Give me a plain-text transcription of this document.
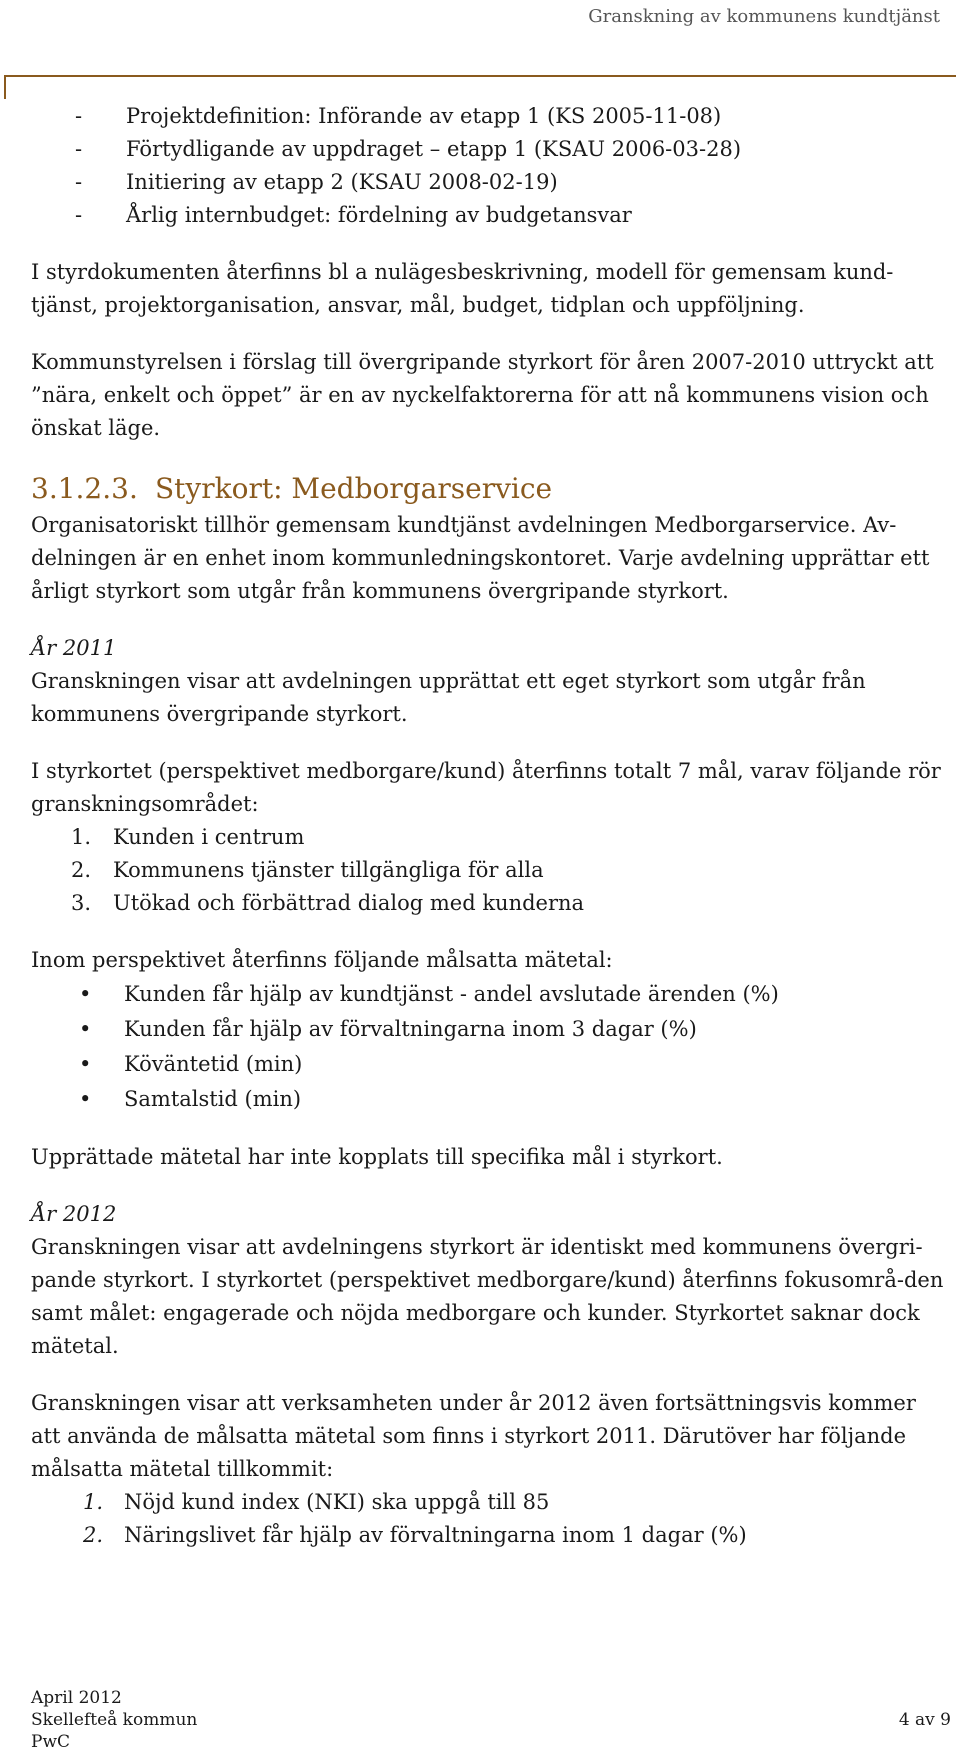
Granskning av kommunens kundtjänst
- Projektdefinition: Införande av etapp 1 (KS 2005-11-08)
- Förtydligande av uppdraget – etapp 1 (KSAU 2006-03-28)
- Initiering av etapp 2 (KSAU 2008-02-19)
- Årlig internbudget: fördelning av budgetansvar

I styrdokumenten återfinns bl a nulägesbeskrivning, modell för gemensam kund-tjänst, projektorganisation, ansvar, mål, budget, tidplan och uppföljning.

Kommunstyrelsen i förslag till övergripande styrkort för åren 2007-2010 uttryckt att ”nära, enkelt och öppet” är en av nyckelfaktorerna för att nå kommunens vision och önskat läge.

3.1.2.3. Styrkort: Medborgarservice

Organisatoriskt tillhör gemensam kundtjänst avdelningen Medborgarservice. Av-delningen är en enhet inom kommunledningskontoret. Varje avdelning upprättar ett årligt styrkort som utgår från kommunens övergripande styrkort.

År 2011

Granskningen visar att avdelningen upprättat ett eget styrkort som utgår från kommunens övergripande styrkort.

I styrkortet (perspektivet medborgare/kund) återfinns totalt 7 mål, varav följande rör granskningsområdet:

1. Kunden i centrum
2. Kommunens tjänster tillgängliga för alla
3. Utökad och förbättrad dialog med kunderna

Inom perspektivet återfinns följande målsatta mätetal:

• Kunden får hjälp av kundtjänst - andel avslutade ärenden (%)
• Kunden får hjälp av förvaltningarna inom 3 dagar (%)
• Köväntetid (min)
• Samtalstid (min)

Upprättade mätetal har inte kopplats till specifika mål i styrkort.

År 2012

Granskningen visar att avdelningens styrkort är identiskt med kommunens övergri-pande styrkort. I styrkortet (perspektivet medborgare/kund) återfinns fokusområ-den samt målet: engagerade och nöjda medborgare och kunder. Styrkortet saknar dock mätetal.

Granskningen visar att verksamheten under år 2012 även fortsättningsvis kommer att använda de målsatta mätetal som finns i styrkort 2011. Därutöver har följande målsatta mätetal tillkommit:

1. Nöjd kund index (NKI) ska uppgå till 85
2. Näringslivet får hjälp av förvaltningarna inom 1 dagar (%)
April 2012
Skellefteå kommun
PwC
4 av 9
